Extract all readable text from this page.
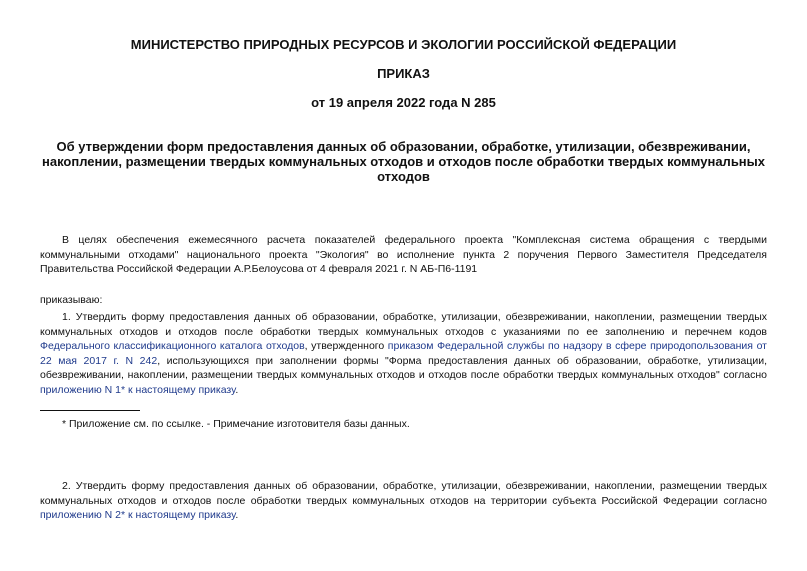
МИНИСТЕРСТВО ПРИРОДНЫХ РЕСУРСОВ И ЭКОЛОГИИ РОССИЙСКОЙ ФЕДЕРАЦИИ

ПРИКАЗ

от 19 апреля 2022 года N 285

Об утверждении форм предоставления данных об образовании, обработке, утилизации, обезвреживании, накоплении, размещении твердых коммунальных отходов и отходов после обработки твердых коммунальных отходов

В целях обеспечения ежемесячного расчета показателей федерального проекта "Комплексная система обращения с твердыми коммунальными отходами" национального проекта "Экология" во исполнение пункта 2 поручения Первого Заместителя Председателя Правительства Российской Федерации А.Р.Белоусова от 4 февраля 2021 г. N АБ-П6-1191

приказываю:

1. Утвердить форму предоставления данных об образовании, обработке, утилизации, обезвреживании, накоплении, размещении твердых коммунальных отходов и отходов после обработки твердых коммунальных отходов с указаниями по ее заполнению и перечнем кодов Федерального классификационного каталога отходов, утвержденного приказом Федеральной службы по надзору в сфере природопользования от 22 мая 2017 г. N 242, использующихся при заполнении формы "Форма предоставления данных об образовании, обработке, утилизации, обезвреживании, накоплении, размещении твердых коммунальных отходов и отходов после обработки твердых коммунальных отходов" согласно приложению N 1* к настоящему приказу.

* Приложение см. по ссылке. - Примечание изготовителя базы данных.

2. Утвердить форму предоставления данных об образовании, обработке, утилизации, обезвреживании, накоплении, размещении твердых коммунальных отходов и отходов после обработки твердых коммунальных отходов на территории субъекта Российской Федерации согласно приложению N 2* к настоящему приказу.
